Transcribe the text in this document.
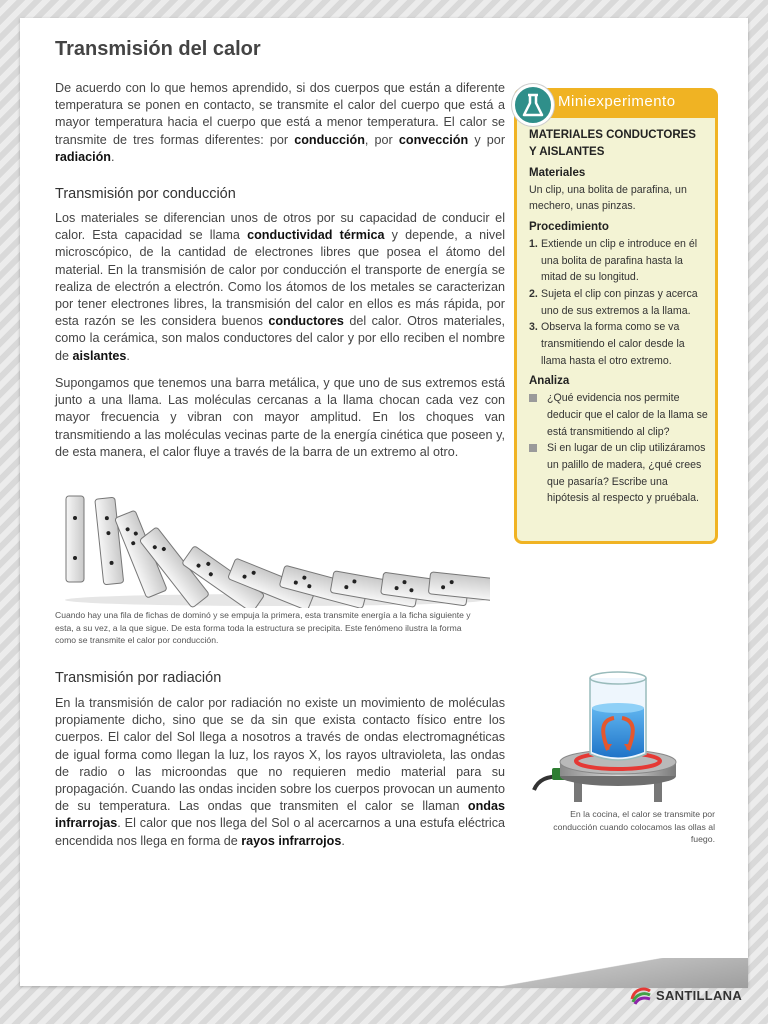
Transmisión del calor

De acuerdo con lo que hemos aprendido, si dos cuerpos que están a diferente temperatura se ponen en contacto, se transmite el calor del cuerpo que está a mayor temperatura hacia el cuerpo que está a menor temperatura. El calor se transmite de tres formas diferentes: por conducción, por convección y por radiación.

Transmisión por conducción

Los materiales se diferencian unos de otros por su capacidad de conducir el calor. Esta capacidad se llama conductividad térmica y depende, a nivel microscópico, de la cantidad de electrones libres que posea el átomo del material. En la transmisión de calor por conducción el transporte de energía se realiza de electrón a electrón. Como los átomos de los metales se caracterizan por tener electrones libres, la transmisión del calor en ellos es más rápida, por esta razón se les considera buenos conductores del calor. Otros materiales, como la cerámica, son malos conductores del calor y por ello reciben el nombre de aislantes.

Supongamos que tenemos una barra metálica, y que uno de sus extremos está junto a una llama. Las moléculas cercanas a la llama chocan cada vez con mayor frecuencia y vibran con mayor amplitud. En los choques van transmitiendo a las moléculas vecinas parte de la energía cinética que poseen y, de esta manera, el calor fluye a través de la barra de un extremo al otro.

Cuando hay una fila de fichas de dominó y se empuja la primera, esta transmite energía a la ficha siguiente y esta, a su vez, a la que sigue. De esta forma toda la estructura se precipita. Este fenómeno ilustra la forma como se transmite el calor por conducción.

Transmisión por radiación

En la transmisión de calor por radiación no existe un movimiento de moléculas propiamente dicho, sino que se da sin que exista contacto físico entre los cuerpos. El calor del Sol llega a nosotros a través de ondas electromagnéticas de igual forma como llegan la luz, los rayos X, los rayos ultravioleta, las ondas de radio o las microondas que no requieren medio material para su propagación. Cuando las ondas inciden sobre los cuerpos provocan un aumento de su temperatura. Las ondas que transmiten el calor se llaman ondas infrarrojas. El calor que nos llega del Sol o al acercarnos a una estufa eléctrica encendida nos llega en forma de rayos infrarrojos.

Miniexperimento
MATERIALES CONDUCTORES
Y AISLANTES
Materiales
Un clip, una bolita de parafina, un mechero, unas pinzas.
Procedimiento
1. Extiende un clip e introduce en él una bolita de parafina hasta la mitad de su longitud.
2. Sujeta el clip con pinzas y acerca uno de sus extremos a la llama.
3. Observa la forma como se va transmitiendo el calor desde la llama hasta el otro extremo.
Analiza
¿Qué evidencia nos permite deducir que el calor de la llama se está transmitiendo al clip?
Si en lugar de un clip utilizáramos un palillo de madera, ¿qué crees que pasaría? Escribe una hipótesis al respecto y pruébala.

En la cocina, el calor se transmite por conducción cuando colocamos las ollas al fuego.

SANTILLANA
